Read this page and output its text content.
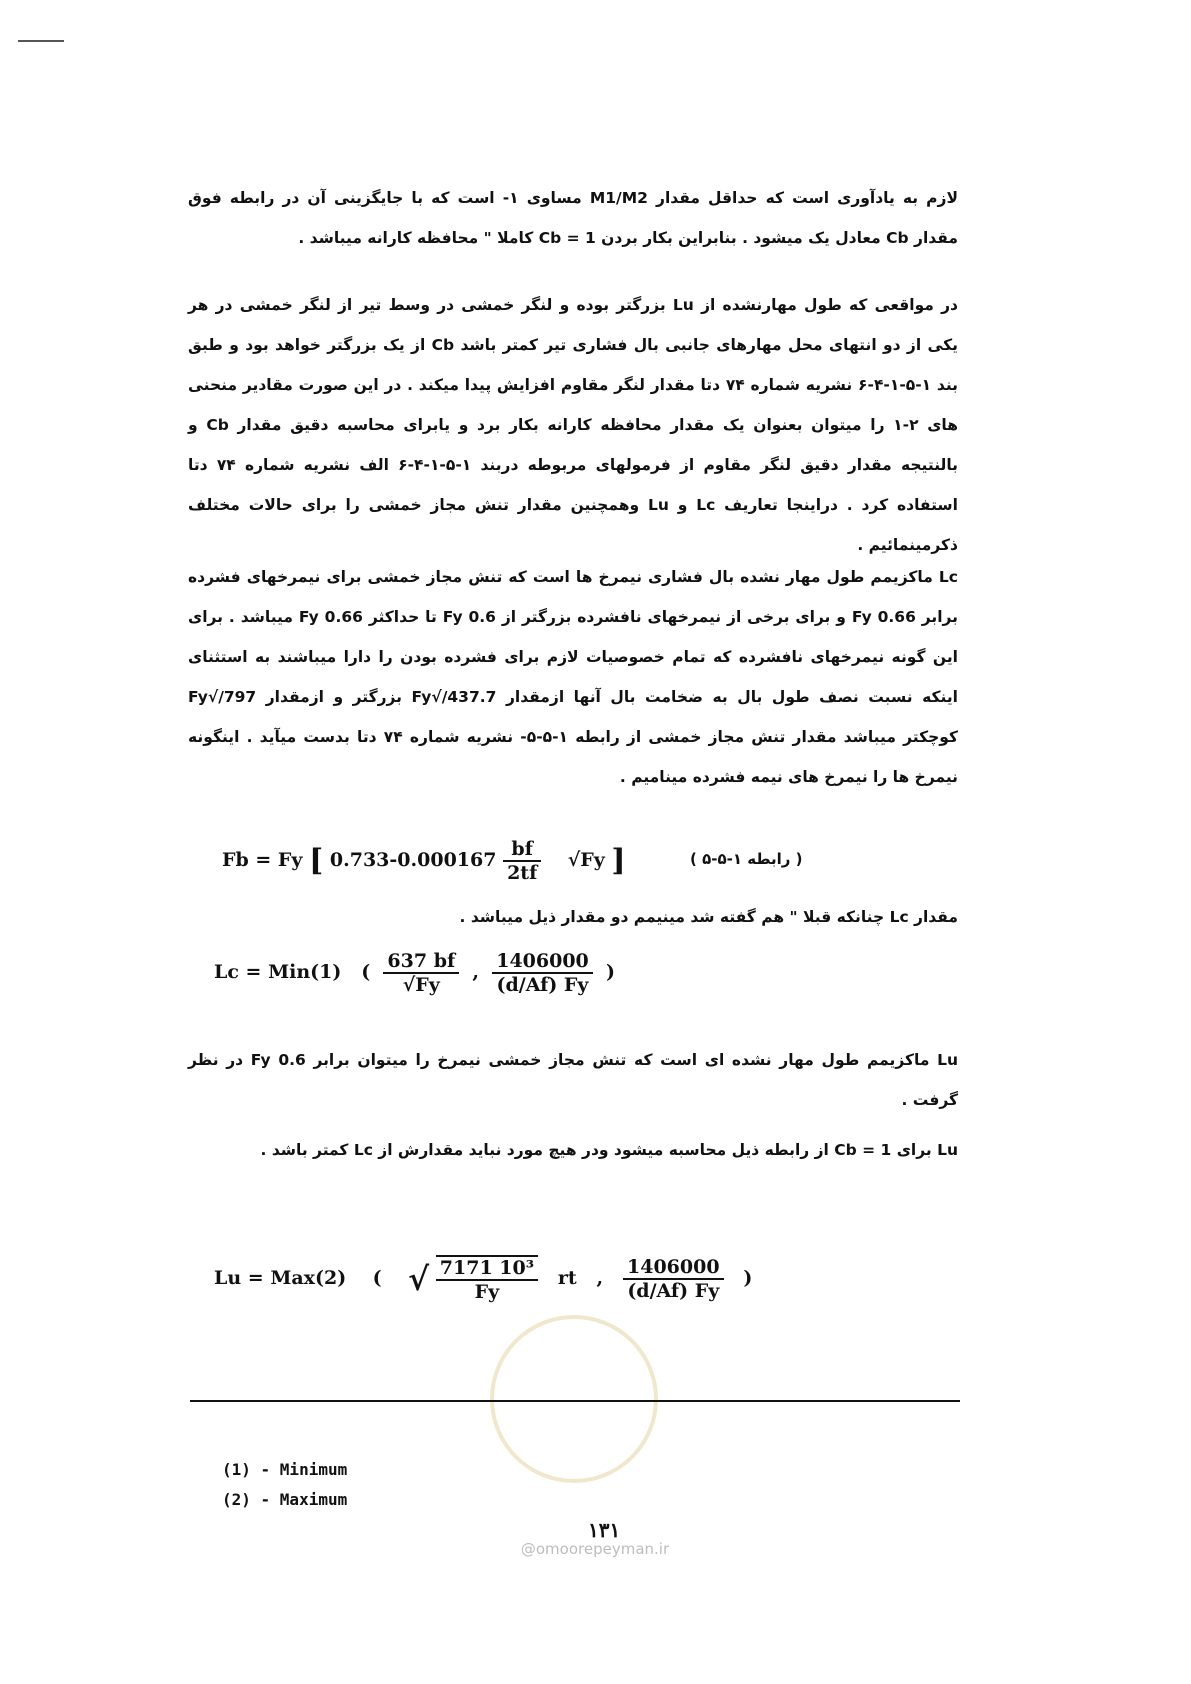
لازم به یادآوری است که حداقل مقدار M1/M2 مساوی ۱- است که با جایگزینی آن در رابطه فوق مقدار Cb معادل یک میشود . بنابراین بکار بردن Cb = 1 کاملا " محافظه کارانه میباشد .
در مواقعی که طول مهارنشده از Lu بزرگتر بوده و لنگر خمشی در وسط تیر از لنگر خمشی در هر یکی از دو انتهای محل مهارهای جانبی بال فشاری تیر کمتر باشد Cb از یک بزرگتر خواهد بود و طبق بند ۱-۵-۱-۴-۶ نشریه شماره ۷۴ دتا مقدار لنگر مقاوم افزایش پیدا میکند . در این صورت مقادیر منحنی های ۲-۱ را میتوان بعنوان یک مقدار محافظه کارانه بکار برد و یابرای محاسبه دقیق مقدار Cb و بالنتیجه مقدار دقیق لنگر مقاوم از فرمولهای مربوطه دربند ۱-۵-۱-۴-۶ الف نشریه شماره ۷۴ دتا استفاده کرد . دراینجا تعاریف Lc و Lu وهمچنین مقدار تنش مجاز خمشی را برای حالات مختلف ذکرمینمائیم .
Lc ماکزیمم طول مهار نشده بال فشاری نیمرخ ها است که تنش مجاز خمشی برای نیمرخهای فشرده برابر 0.66 Fy و برای برخی از نیمرخهای نافشرده بزرگتر از 0.6 Fy تا حداکثر 0.66 Fy میباشد . برای این گونه نیمرخهای نافشرده که تمام خصوصیات لازم برای فشرده بودن را دارا میباشند به استثنای اینکه نسبت نصف طول بال به ضخامت بال آنها ازمقدار 437.7/√Fy بزرگتر و ازمقدار 797/√Fy کوچکتر میباشد مقدار تنش مجاز خمشی از رابطه ۱-۵-۵- نشریه شماره ۷۴ دتا بدست میآید . اینگونه نیمرخ ها را نیمرخ های نیمه فشرده مینامیم .
Fb = Fy [ $0.733-0.000167 \frac{bf}{2tf} √Fy$ ]	( رابطه ۱-۵-۵ )
مقدار Lc چنانکه قبلا " هم گفته شد مینیمم دو مقدار ذیل میباشد .
Lc = Min(1)   ( $\frac{637 bf}{√Fy}$ , $\frac{1406000}{(d/Af) Fy}$ )
Lu ماکزیمم طول مهار نشده ای است که تنش مجاز خمشی نیمرخ را میتوان برابر 0.6 Fy در نظر گرفت .
Lu برای Cb = 1 از رابطه ذیل محاسبه میشود ودر هیچ مورد نباید مقدارش از Lc کمتر باشد .
Lu = Max(2)    (    √ $\frac{\text{7171 10³}}{Fy}$ rt   , $\frac{1406000}{(d/Af) Fy}$ )
(1) - Minimum
(2) - Maximum
۱۳۱
@omoorepeyman.ir
